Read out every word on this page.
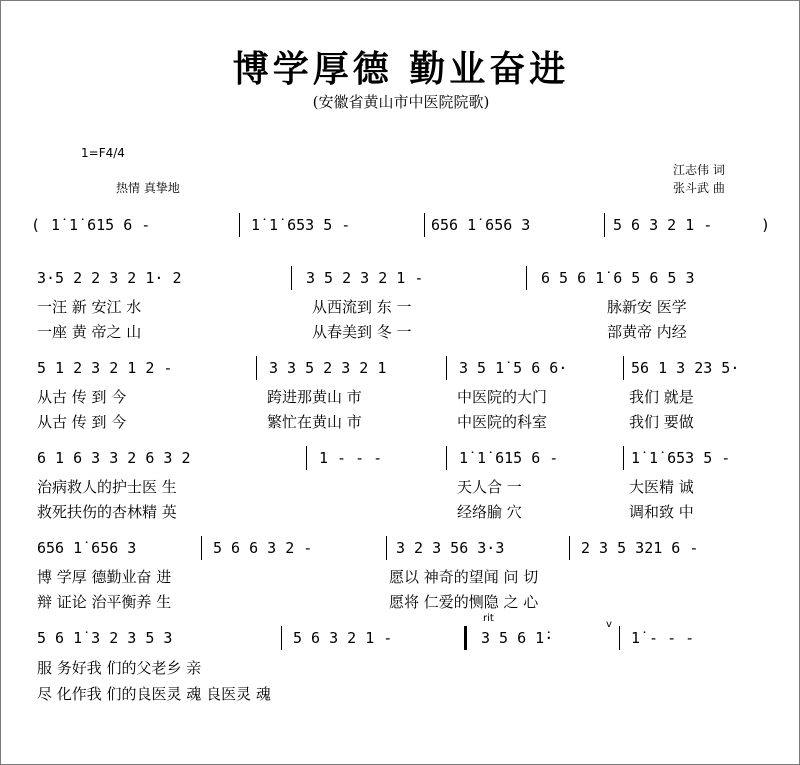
博学厚德 勤业奋进
(安徽省黄山市中医院院歌)
1=F4/4
热情 真挚地
江志伟 词
张斗武 曲
( 1̇ 1̇ 61̇5 6 -	1̇ 1̇ 653 5 -	656 1̇ 656 3	5 6 3 2 1 -	)
3·5 2 2 3 2 1· 2	3 5 2 3 2 1 -	6 5 6 1̇ 6 5 6 5 3
一汪 新 安江 水	从西流到 东 一	脉新安 医学
一座 黄 帝之 山	从春美到 冬 一	部黄帝 内经
5 1 2 3 2 1 2 -	3 3 5 2 3 2 1	3 5 1̇ 5 6 6·	56 1 3 23 5·
从古 传 到 今	跨进那黄山 市	中医院的大门	我们 就是
从古 传 到 今	繁忙在黄山 市	中医院的科室	我们 要做
6 1 6 3 3 2 6 3 2	1 - - -	1̇ 1̇ 61̇5 6 -	1̇ 1̇ 653 5 -
治病救人的护士医 生	天人合 一	大医精 诚
救死扶伤的杏林精 英	经络腧 穴	调和致 中
656 1̇ 656 3	5 6 6 3 2 -	3 2 3 56 3·3	2 3 5 321 6 -
博 学厚 德勤业奋 进	愿以 神奇的望闻 问 切
辩 证论 治平衡养 生	愿将 仁爱的恻隐 之 心
5 6 1̇ 3 2 3 5 3	5 6 3 2 1 -
rit
3 5 6 1̇·
v
1̇ - - -
服 务好我 们的父老乡 亲
尽 化作我 们的良医灵 魂 良医灵 魂
